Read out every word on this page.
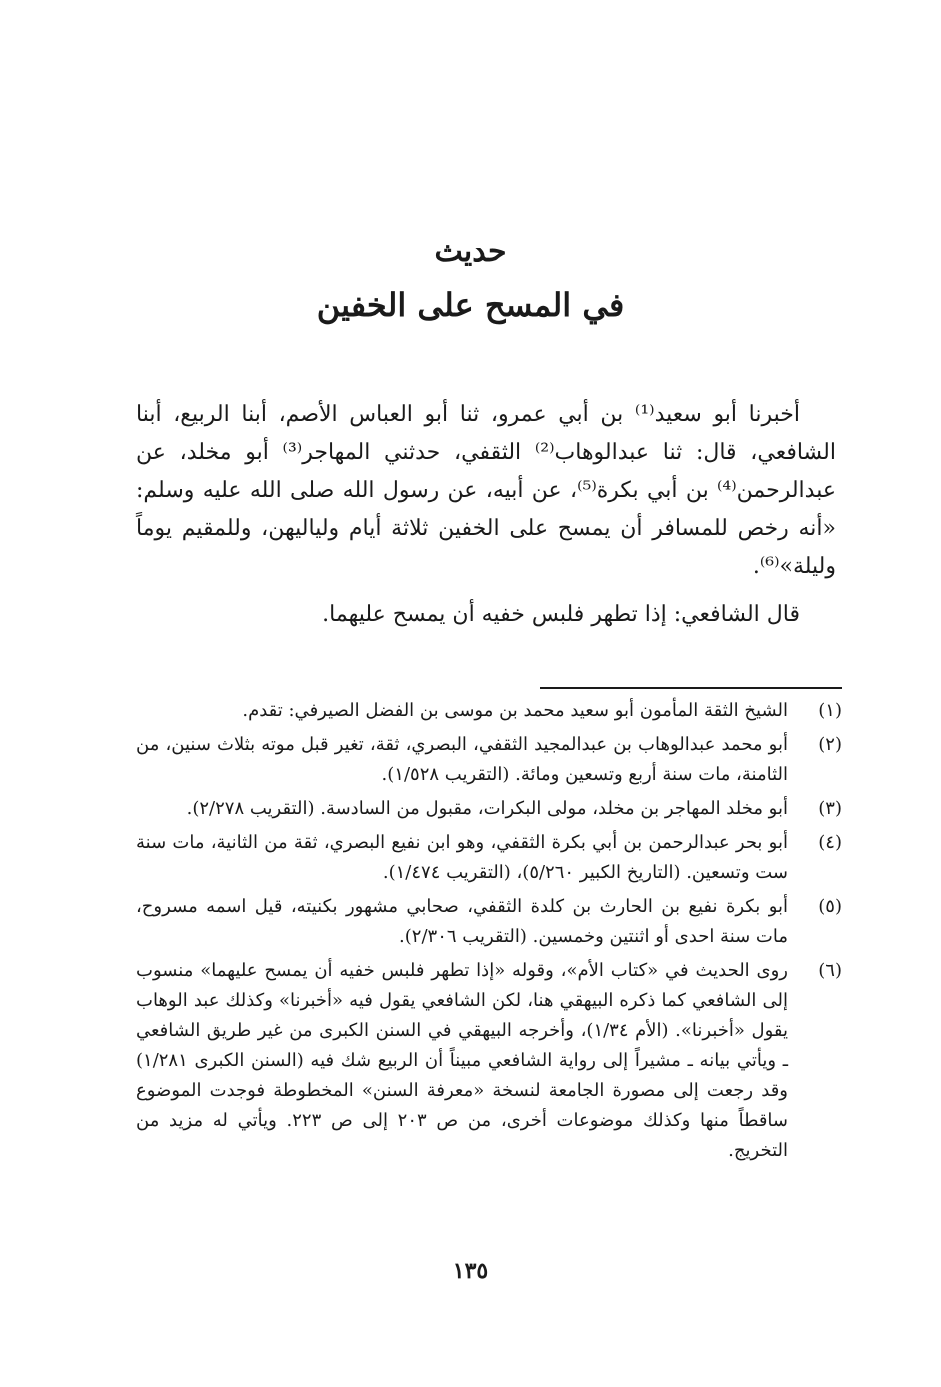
حديث
في المسح على الخفين

أخبرنا أبو سعيد⁽¹⁾ بن أبي عمرو، ثنا أبو العباس الأصم، أبنا الربيع، أبنا الشافعي، قال: ثنا عبدالوهاب⁽²⁾ الثقفي، حدثني المهاجر⁽³⁾ أبو مخلد، عن عبدالرحمن⁽⁴⁾ بن أبي بكرة⁽⁵⁾، عن أبيه، عن رسول الله صلى الله عليه وسلم: «أنه رخص للمسافر أن يمسح على الخفين ثلاثة أيام ولياليهن، وللمقيم يوماً وليلة»⁽⁶⁾.

قال الشافعي: إذا تطهر فلبس خفيه أن يمسح عليهما.

(١)
الشيخ الثقة المأمون أبو سعيد محمد بن موسى بن الفضل الصيرفي: تقدم.
(٢)
أبو محمد عبدالوهاب بن عبدالمجيد الثقفي، البصري، ثقة، تغير قبل موته بثلاث سنين، من الثامنة، مات سنة أربع وتسعين ومائة. (التقريب ١/٥٢٨).
(٣)
أبو مخلد المهاجر بن مخلد، مولى البكرات، مقبول من السادسة. (التقريب ٢/٢٧٨).
(٤)
أبو بحر عبدالرحمن بن أبي بكرة الثقفي، وهو ابن نفيع البصري، ثقة من الثانية، مات سنة ست وتسعين. (التاريخ الكبير ٥/٢٦٠)، (التقريب ١/٤٧٤).
(٥)
أبو بكرة نفيع بن الحارث بن كلدة الثقفي، صحابي مشهور بكنيته، قيل اسمه مسروح، مات سنة احدى أو اثنتين وخمسين. (التقريب ٢/٣٠٦).
(٦)
روى الحديث في «كتاب الأم»، وقوله «إذا تطهر فلبس خفيه أن يمسح عليهما» منسوب إلى الشافعي كما ذكره البيهقي هنا، لكن الشافعي يقول فيه «أخبرنا» وكذلك عبد الوهاب يقول «أخبرنا». (الأم ١/٣٤)، وأخرجه البيهقي في السنن الكبرى من غير طريق الشافعي ـ ويأتي بيانه ـ مشيراً إلى رواية الشافعي مبيناً أن الربيع شك فيه (السنن الكبرى ١/٢٨١) وقد رجعت إلى مصورة الجامعة لنسخة «معرفة السنن» المخطوطة فوجدت الموضوع ساقطاً منها وكذلك موضوعات أخرى، من ص ٢٠٣ إلى ص ٢٢٣. ويأتي له مزيد من التخريج.
١٣٥
